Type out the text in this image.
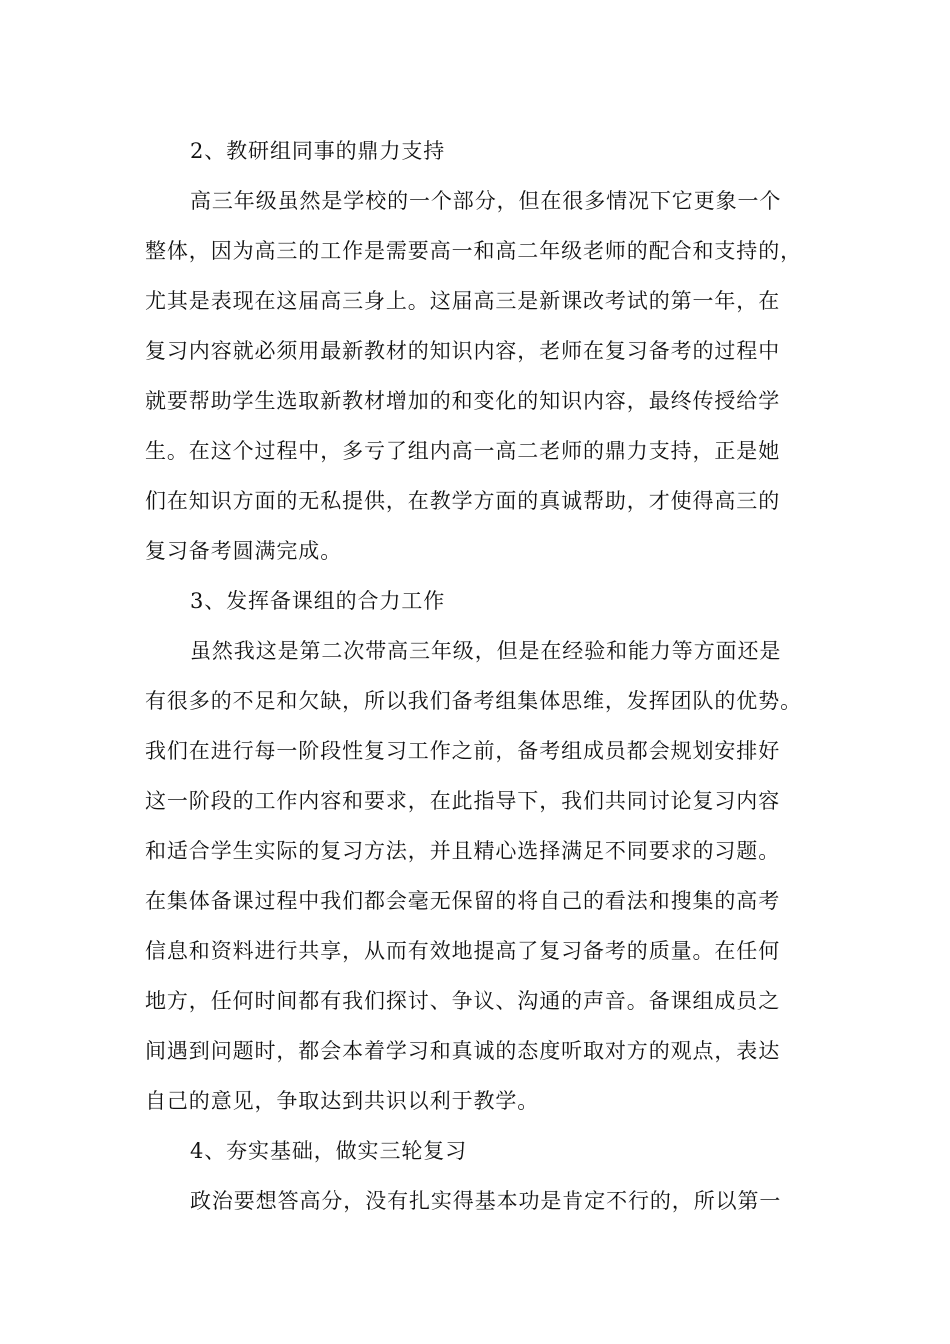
2、教研组同事的鼎力支持
高三年级虽然是学校的一个部分，但在很多情况下它更象一个
整体，因为高三的工作是需要高一和高二年级老师的配合和支持的，
尤其是表现在这届高三身上。这届高三是新课改考试的第一年，在
复习内容就必须用最新教材的知识内容，老师在复习备考的过程中
就要帮助学生选取新教材增加的和变化的知识内容，最终传授给学
生。在这个过程中，多亏了组内高一高二老师的鼎力支持，正是她
们在知识方面的无私提供，在教学方面的真诚帮助，才使得高三的
复习备考圆满完成。
3、发挥备课组的合力工作
虽然我这是第二次带高三年级，但是在经验和能力等方面还是
有很多的不足和欠缺，所以我们备考组集体思维，发挥团队的优势。
我们在进行每一阶段性复习工作之前，备考组成员都会规划安排好
这一阶段的工作内容和要求，在此指导下，我们共同讨论复习内容
和适合学生实际的复习方法，并且精心选择满足不同要求的习题。
在集体备课过程中我们都会毫无保留的将自己的看法和搜集的高考
信息和资料进行共享，从而有效地提高了复习备考的质量。在任何
地方，任何时间都有我们探讨、争议、沟通的声音。备课组成员之
间遇到问题时，都会本着学习和真诚的态度听取对方的观点，表达
自己的意见，争取达到共识以利于教学。
4、夯实基础，做实三轮复习
政治要想答高分，没有扎实得基本功是肯定不行的，所以第一
